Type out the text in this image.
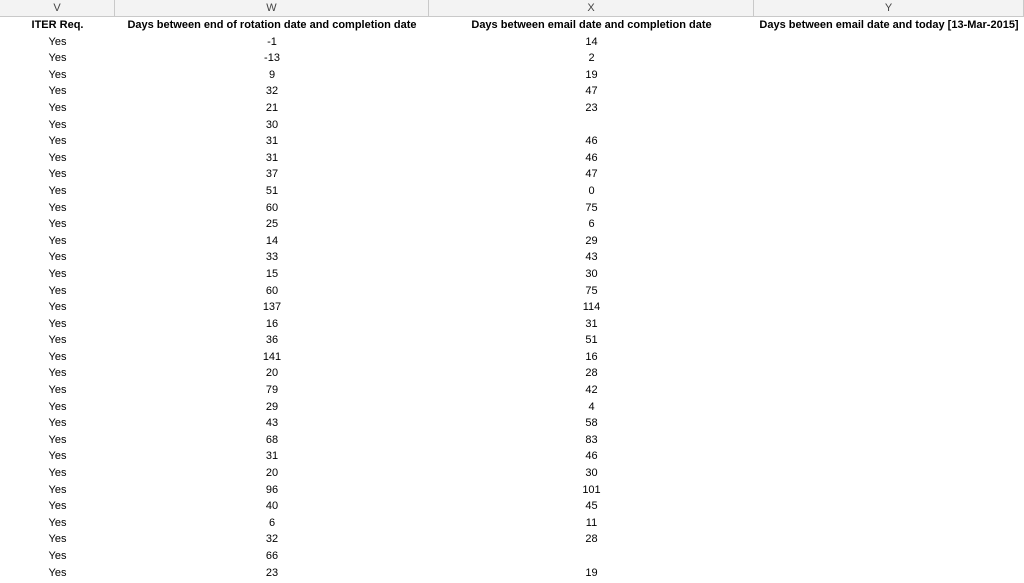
V	W	X	Y
ITER Req.	Days between end of rotation date and completion date	Days between email date and completion date	Days between email date and today [13-Mar-2015]
Yes	-1	14
Yes	-13	2
Yes	9	19
Yes	32	47
Yes	21	23
Yes	30
Yes	31	46
Yes	31	46
Yes	37	47
Yes	51	0
Yes	60	75
Yes	25	6
Yes	14	29
Yes	33	43
Yes	15	30
Yes	60	75
Yes	137	114
Yes	16	31
Yes	36	51
Yes	141	16
Yes	20	28
Yes	79	42
Yes	29	4
Yes	43	58
Yes	68	83
Yes	31	46
Yes	20	30
Yes	96	101
Yes	40	45
Yes	6	11
Yes	32	28
Yes	66
Yes	23	19
